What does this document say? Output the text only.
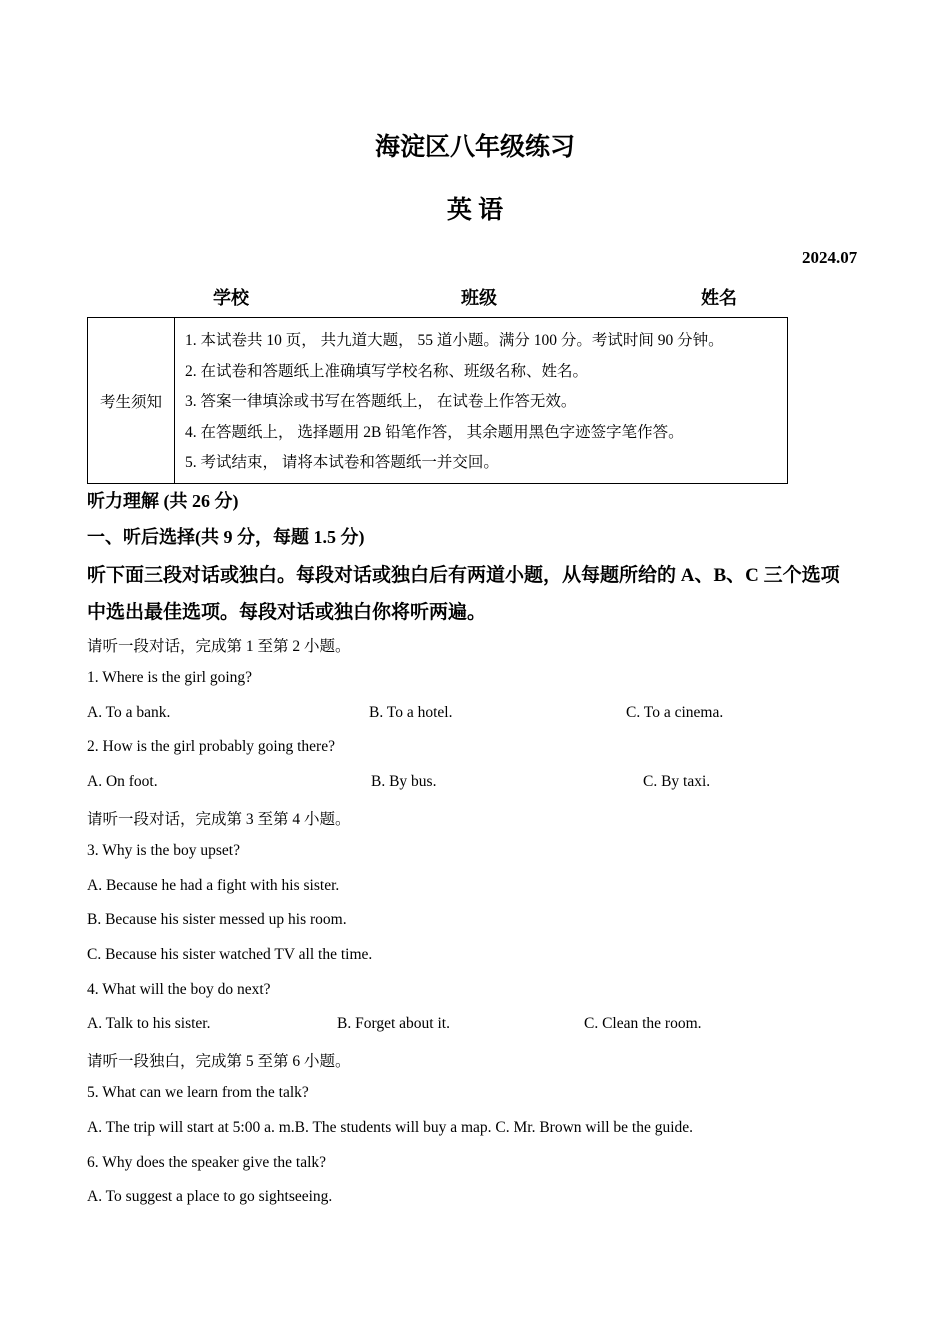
海淀区八年级练习
英 语
2024.07
学校	班级	姓名
考生须知	
1. 本试卷共 10 页， 共九道大题， 55 道小题。满分 100 分。考试时间 90 分钟。
2. 在试卷和答题纸上准确填写学校名称、班级名称、姓名。
3. 答案一律填涂或书写在答题纸上， 在试卷上作答无效。
4. 在答题纸上， 选择题用 2B 铅笔作答， 其余题用黑色字迹签字笔作答。
5. 考试结束， 请将本试卷和答题纸一并交回。
听力理解 (共 26 分)
一、听后选择(共 9 分，每题 1.5 分)
听下面三段对话或独白。每段对话或独白后有两道小题，从每题所给的 A、B、C 三个选项
中选出最佳选项。每段对话或独白你将听两遍。
请听一段对话，完成第 1 至第 2 小题。
1. Where is the girl going?
A. To a bank.	B. To a hotel.	C. To a cinema.
2. How is the girl probably going there?
A. On foot.	B. By bus.	C. By taxi.
请听一段对话，完成第 3 至第 4 小题。
3. Why is the boy upset?
A. Because he had a fight with his sister.
B. Because his sister messed up his room.
C. Because his sister watched TV all the time.
4. What will the boy do next?
A. Talk to his sister.	B. Forget about it.	C. Clean the room.
请听一段独白，完成第 5 至第 6 小题。
5. What can we learn from the talk?
A. The trip will start at 5:00 a. m.B. The students will buy a map. C. Mr. Brown will be the guide.
6. Why does the speaker give the talk?
A. To suggest a place to go sightseeing.
